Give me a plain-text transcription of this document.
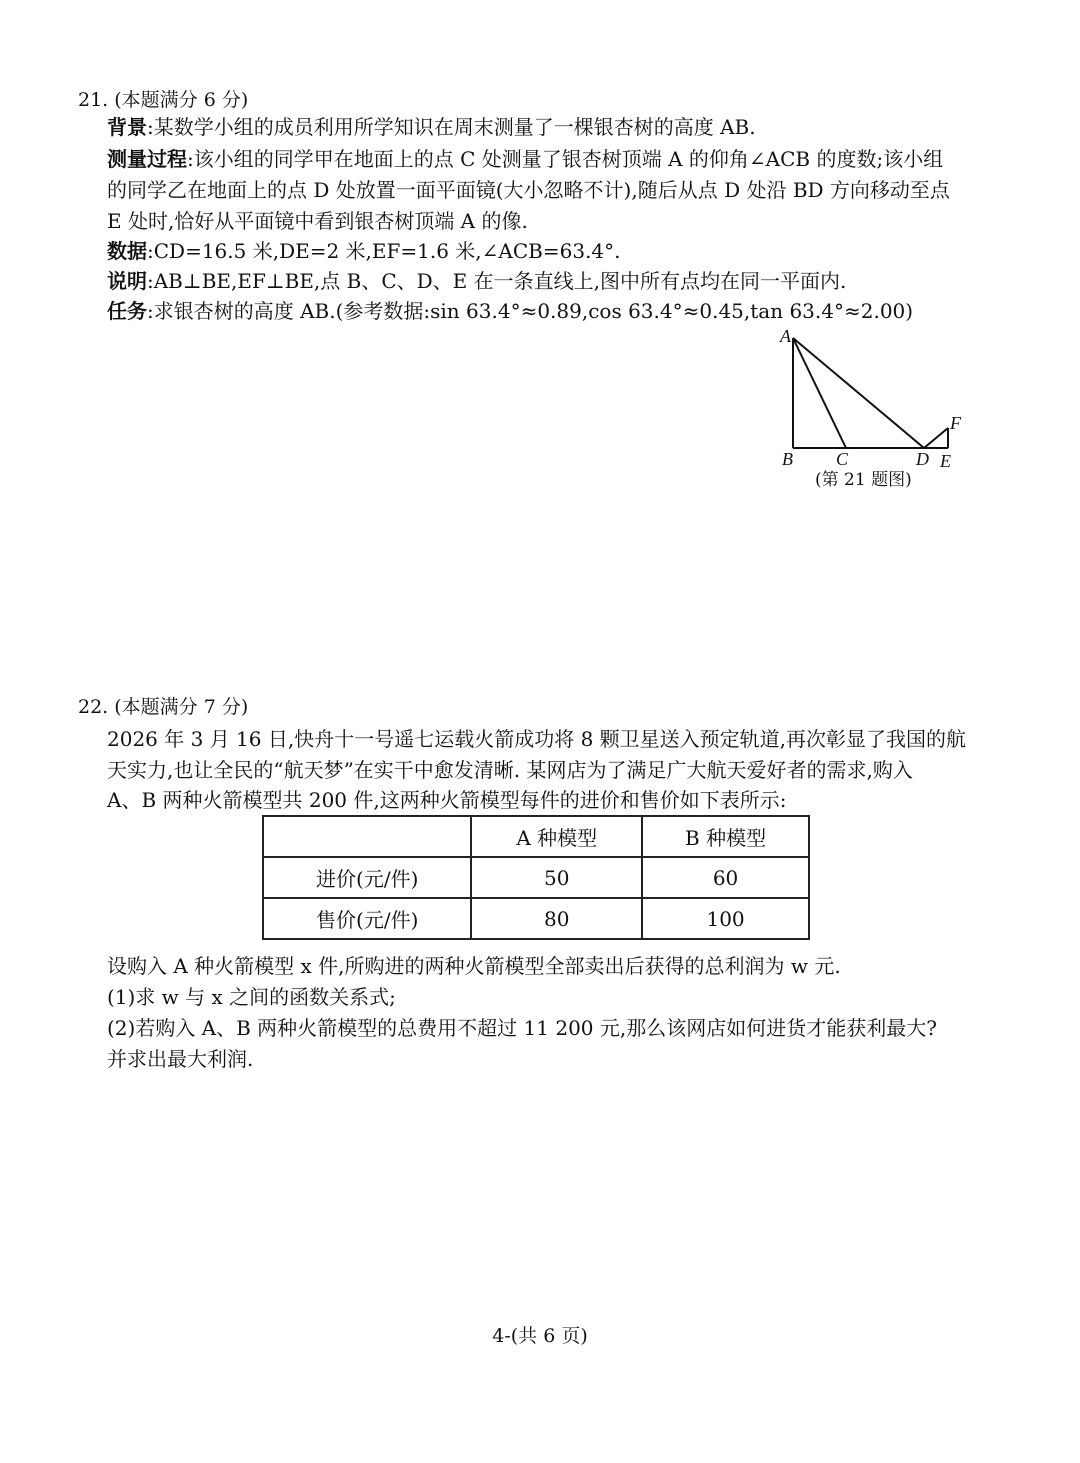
21. (本题满分 6 分)
背景:某数学小组的成员利用所学知识在周末测量了一棵银杏树的高度 AB.
测量过程:该小组的同学甲在地面上的点 C 处测量了银杏树顶端 A 的仰角∠ACB 的度数;该小组
的同学乙在地面上的点 D 处放置一面平面镜(大小忽略不计),随后从点 D 处沿 BD 方向移动至点
E 处时,恰好从平面镜中看到银杏树顶端 A 的像.
数据:CD=16.5 米,DE=2 米,EF=1.6 米,∠ACB=63.4°.
说明:AB⊥BE,EF⊥BE,点 B、C、D、E 在一条直线上,图中所有点均在同一平面内.
任务:求银杏树的高度 AB.(参考数据:sin 63.4°≈0.89,cos 63.4°≈0.45,tan 63.4°≈2.00)
A
B C	D E
F
(第 21 题图)
22. (本题满分 7 分)
2026 年 3 月 16 日,快舟十一号遥七运载火箭成功将 8 颗卫星送入预定轨道,再次彰显了我国的航
天实力,也让全民的“航天梦”在实干中愈发清晰. 某网店为了满足广大航天爱好者的需求,购入
A、B 两种火箭模型共 200 件,这两种火箭模型每件的进价和售价如下表所示:
	A 种模型	B 种模型
进价(元/件)	50	60
售价(元/件)	80	100
设购入 A 种火箭模型 x 件,所购进的两种火箭模型全部卖出后获得的总利润为 w 元.
(1)求 w 与 x 之间的函数关系式;
(2)若购入 A、B 两种火箭模型的总费用不超过 11 200 元,那么该网店如何进货才能获利最大?
并求出最大利润.
4-(共 6 页)
